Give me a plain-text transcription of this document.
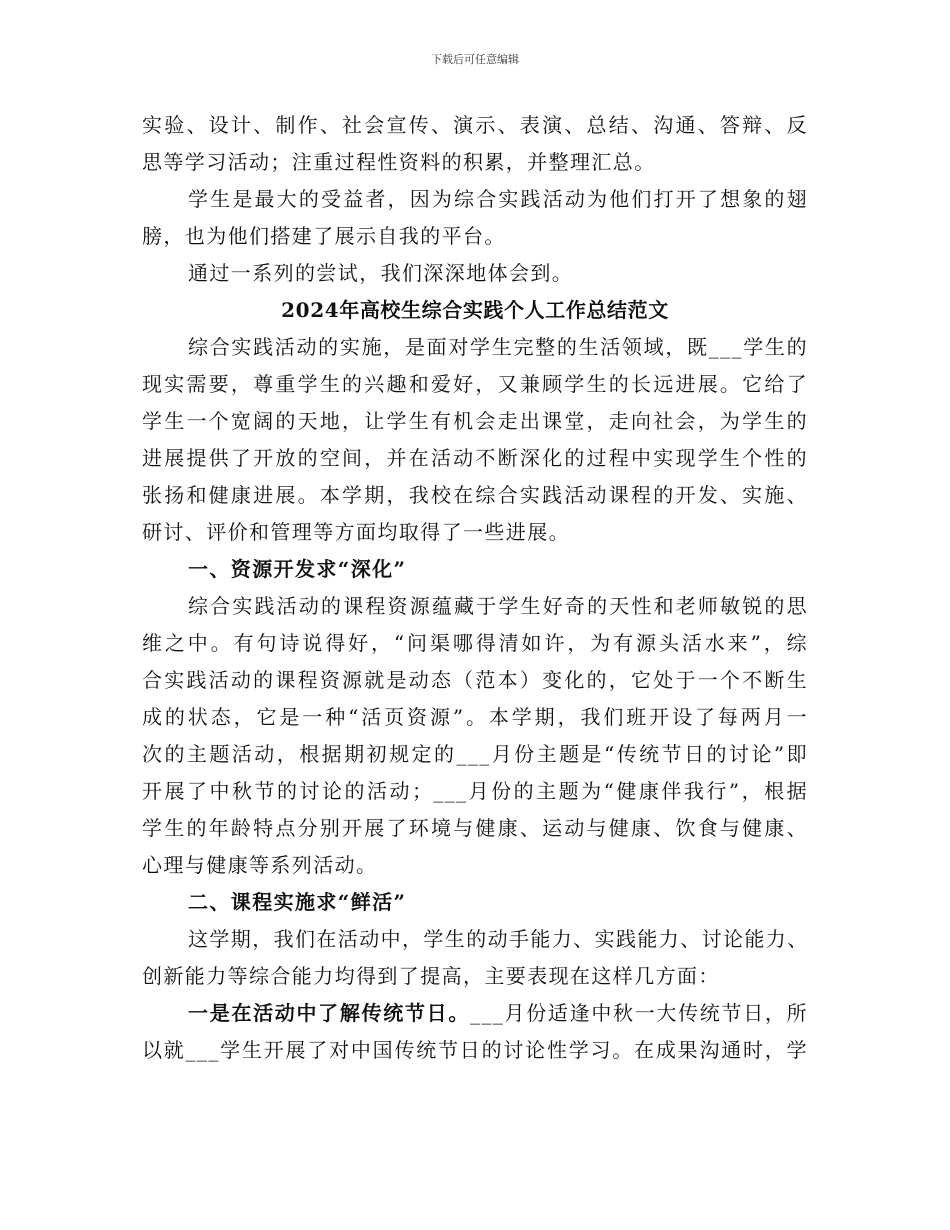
下载后可任意编辑
实验、设计、制作、社会宣传、演示、表演、总结、沟通、答辩、反
思等学习活动；注重过程性资料的积累，并整理汇总。
学生是最大的受益者，因为综合实践活动为他们打开了想象的翅
膀，也为他们搭建了展示自我的平台。
通过一系列的尝试，我们深深地体会到。
2024年高校生综合实践个人工作总结范文
综合实践活动的实施，是面对学生完整的生活领域，既___学生的
现实需要，尊重学生的兴趣和爱好，又兼顾学生的长远进展。它给了
学生一个宽阔的天地，让学生有机会走出课堂，走向社会，为学生的
进展提供了开放的空间，并在活动不断深化的过程中实现学生个性的
张扬和健康进展。本学期，我校在综合实践活动课程的开发、实施、
研讨、评价和管理等方面均取得了一些进展。
一、资源开发求“深化”
综合实践活动的课程资源蕴藏于学生好奇的天性和老师敏锐的思
维之中。有句诗说得好，“问渠哪得清如许，为有源头活水来”，综
合实践活动的课程资源就是动态（范本）变化的，它处于一个不断生
成的状态，它是一种“活页资源”。本学期，我们班开设了每两月一
次的主题活动，根据期初规定的___月份主题是“传统节日的讨论”即
开展了中秋节的讨论的活动；___月份的主题为“健康伴我行”，根据
学生的年龄特点分别开展了环境与健康、运动与健康、饮食与健康、
心理与健康等系列活动。
二、课程实施求“鲜活”
这学期，我们在活动中，学生的动手能力、实践能力、讨论能力、
创新能力等综合能力均得到了提高，主要表现在这样几方面：
一是在活动中了解传统节日。___月份适逢中秋一大传统节日，所
以就___学生开展了对中国传统节日的讨论性学习。在成果沟通时，学
